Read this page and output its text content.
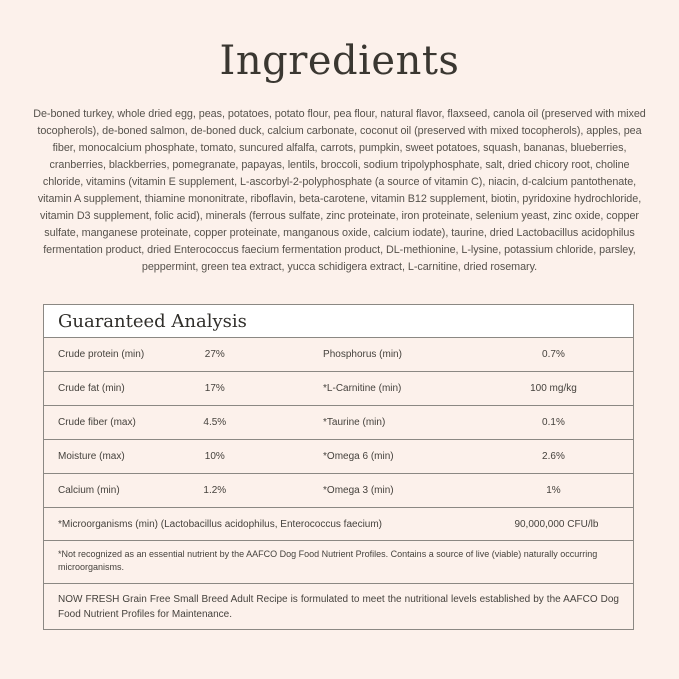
Ingredients

De-boned turkey, whole dried egg, peas, potatoes, potato flour, pea flour, natural flavor, flaxseed, canola oil (preserved with mixed tocopherols), de-boned salmon, de-boned duck, calcium carbonate, coconut oil (preserved with mixed tocopherols), apples, pea fiber, monocalcium phosphate, tomato, suncured alfalfa, carrots, pumpkin, sweet potatoes, squash, bananas, blueberries, cranberries, blackberries, pomegranate, papayas, lentils, broccoli, sodium tripolyphosphate, salt, dried chicory root, choline chloride, vitamins (vitamin E supplement, L-ascorbyl-2-polyphosphate (a source of vitamin C), niacin, d-calcium pantothenate, vitamin A supplement, thiamine mononitrate, riboflavin, beta-carotene, vitamin B12 supplement, biotin, pyridoxine hydrochloride, vitamin D3 supplement, folic acid), minerals (ferrous sulfate, zinc proteinate, iron proteinate, selenium yeast, zinc oxide, copper sulfate, manganese proteinate, copper proteinate, manganous oxide, calcium iodate), taurine, dried Lactobacillus acidophilus fermentation product, dried Enterococcus faecium fermentation product, DL-methionine, L-lysine, potassium chloride, parsley, peppermint, green tea extract, yucca schidigera extract, L-carnitine, dried rosemary.

Guaranteed Analysis
Crude protein (min)	27%	Phosphorus (min)	0.7%
Crude fat (min)	17%	*L-Carnitine (min)	100 mg/kg
Crude fiber (max)	4.5%	*Taurine (min)	0.1%
Moisture (max)	10%	*Omega 6 (min)	2.6%
Calcium (min)	1.2%	*Omega 3 (min)	1%
*Microorganisms (min) (Lactobacillus acidophilus, Enterococcus faecium)	90,000,000 CFU/lb
*Not recognized as an essential nutrient by the AAFCO Dog Food Nutrient Profiles. Contains a source of live (viable) naturally occurring microorganisms.
NOW FRESH Grain Free Small Breed Adult Recipe is formulated to meet the nutritional levels established by the AAFCO Dog Food Nutrient Profiles for Maintenance.
